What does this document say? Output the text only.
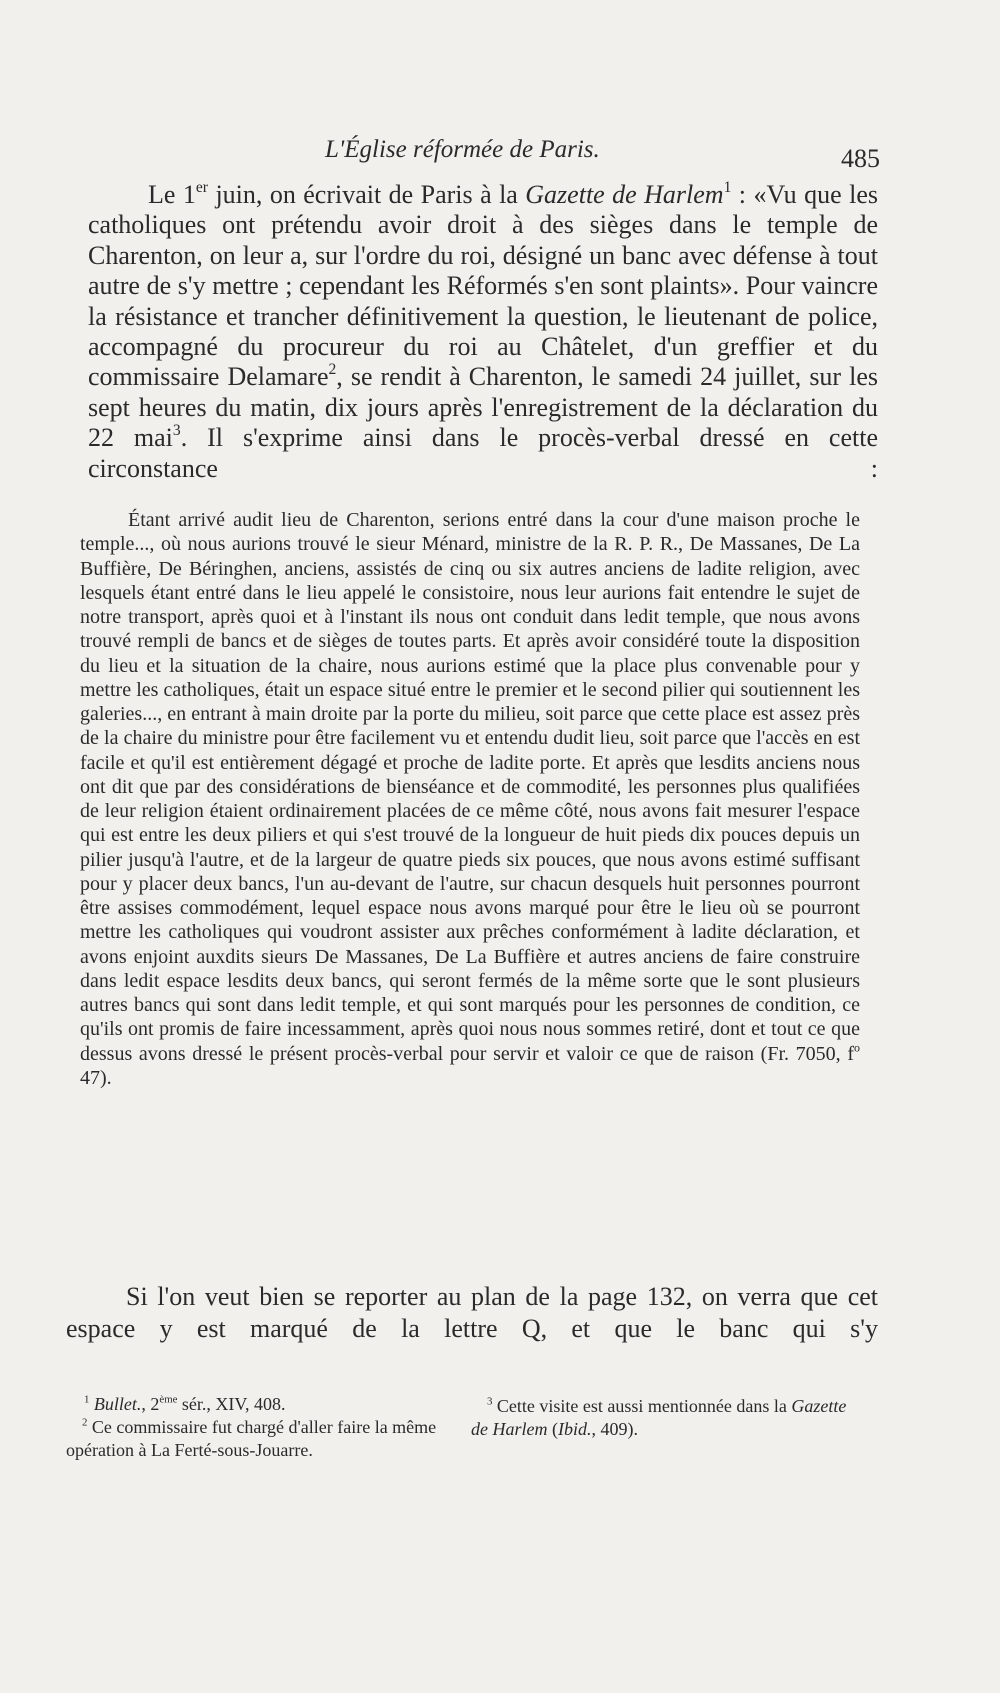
L'Église réformée de Paris.	485

Le 1er juin, on écrivait de Paris à la Gazette de Harlem$^1$ : «Vu que les catholiques ont prétendu avoir droit à des sièges dans le temple de Charenton, on leur a, sur l'ordre du roi, désigné un banc avec défense à tout autre de s'y mettre ; cependant les Réformés s'en sont plaints». Pour vaincre la résistance et trancher définitivement la question, le lieutenant de police, accompagné du procureur du roi au Châtelet, d'un greffier et du commissaire Delamare$^2$, se rendit à Charenton, le samedi 24 juillet, sur les sept heures du matin, dix jours après l'enregistrement de la déclaration du 22 mai$^3$. Il s'exprime ainsi dans le procès-verbal dressé en cette circonstance :

Étant arrivé audit lieu de Charenton, serions entré dans la cour d'une maison proche le temple..., où nous aurions trouvé le sieur Ménard, ministre de la R. P. R., De Massanes, De La Buffière, De Béringhen, anciens, assistés de cinq ou six autres anciens de ladite religion, avec lesquels étant entré dans le lieu appelé le consistoire, nous leur aurions fait entendre le sujet de notre transport, après quoi et à l'instant ils nous ont conduit dans ledit temple, que nous avons trouvé rempli de bancs et de sièges de toutes parts. Et après avoir considéré toute la disposition du lieu et la situation de la chaire, nous aurions estimé que la place plus convenable pour y mettre les catholiques, était un espace situé entre le premier et le second pilier qui soutiennent les galeries..., en entrant à main droite par la porte du milieu, soit parce que cette place est assez près de la chaire du ministre pour être facilement vu et entendu dudit lieu, soit parce que l'accès en est facile et qu'il est entièrement dégagé et proche de ladite porte. Et après que lesdits anciens nous ont dit que par des considérations de bienséance et de commodité, les personnes plus qualifiées de leur religion étaient ordinairement placées de ce même côté, nous avons fait mesurer l'espace qui est entre les deux piliers et qui s'est trouvé de la longueur de huit pieds dix pouces depuis un pilier jusqu'à l'autre, et de la largeur de quatre pieds six pouces, que nous avons estimé suffisant pour y placer deux bancs, l'un au-devant de l'autre, sur chacun desquels huit personnes pourront être assises commodément, lequel espace nous avons marqué pour être le lieu où se pourront mettre les catholiques qui voudront assister aux prêches conformément à ladite déclaration, et avons enjoint auxdits sieurs De Massanes, De La Buffière et autres anciens de faire construire dans ledit espace lesdits deux bancs, qui seront fermés de la même sorte que le sont plusieurs autres bancs qui sont dans ledit temple, et qui sont marqués pour les personnes de condition, ce qu'ils ont promis de faire incessamment, après quoi nous nous sommes retiré, dont et tout ce que dessus avons dressé le présent procès-verbal pour servir et valoir ce que de raison (Fr. 7050, $f^o$ 47).
Si l'on veut bien se reporter au plan de la page 132, on verra que cet espace y est marqué de la lettre Q, et que le banc qui s'y

$^1$ Bullet., 2ème sér., XIV, 408.

$^2$ Ce commissaire fut chargé d'aller faire la même opération à La Ferté-sous-Jouarre.

$^3$ Cette visite est aussi mentionnée dans la Gazette de Harlem (Ibid., 409).
